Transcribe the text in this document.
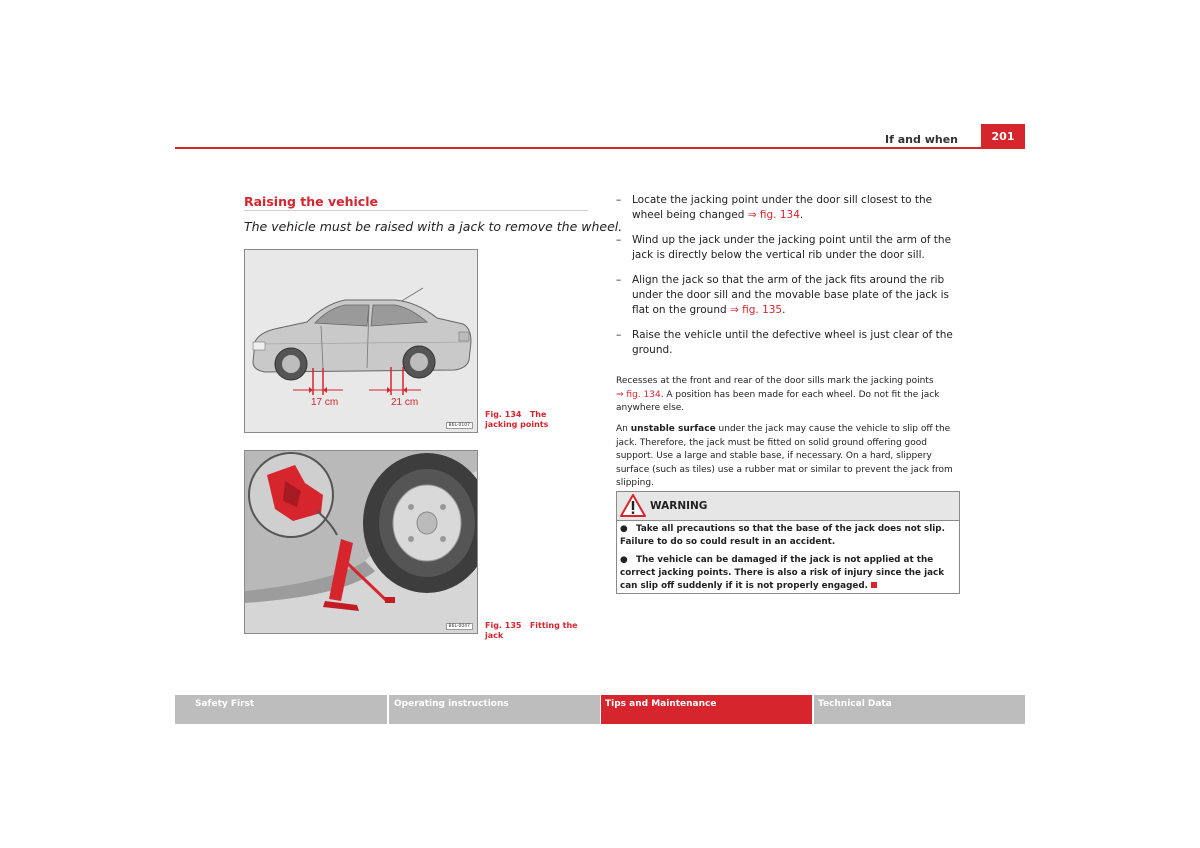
If and when	201
Raising the vehicle
The vehicle must be raised with a jack to remove the wheel.
17 cm	21 cm
B6L-0107
Fig. 134 The jacking points
B6L-0047	Fig. 135 Fitting the jack
– Locate the jacking point under the door sill closest to the wheel being changed ⇒ fig. 134.
– Wind up the jack under the jacking point until the arm of the jack is directly below the vertical rib under the door sill.
– Align the jack so that the arm of the jack fits around the rib under the door sill and the movable base plate of the jack is flat on the ground ⇒ fig. 135.
– Raise the vehicle until the defective wheel is just clear of the ground.
Recesses at the front and rear of the door sills mark the jacking points
⇒ fig. 134. A position has been made for each wheel. Do not fit the jack anywhere else.
An unstable surface under the jack may cause the vehicle to slip off the jack. Therefore, the jack must be fitted on solid ground offering good support. Use a large and stable base, if necessary. On a hard, slippery surface (such as tiles) use a rubber mat or similar to prevent the jack from slipping.
WARNING
● Take all precautions so that the base of the jack does not slip. Failure to do so could result in an accident.
● The vehicle can be damaged if the jack is not applied at the correct jacking points. There is also a risk of injury since the jack can slip off suddenly if it is not properly engaged.
Safety First	Operating instructions	Tips and Maintenance	Technical Data
